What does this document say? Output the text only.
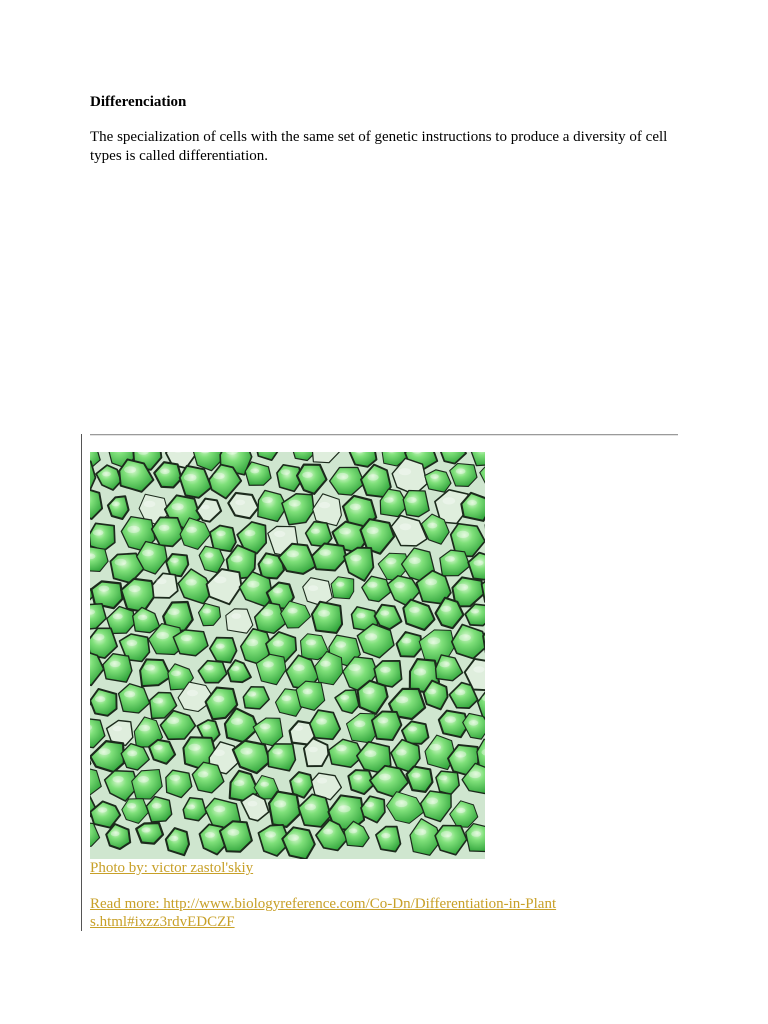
Differenciation
The specialization of cells with the same set of genetic instructions to produce a diversity of cell types is called differentiation.
Photo by: victor zastol'skiy
Read more: http://www.biologyreference.com/Co-Dn/Differentiation-in-Plants.html#ixzz3rdvEDCZF
